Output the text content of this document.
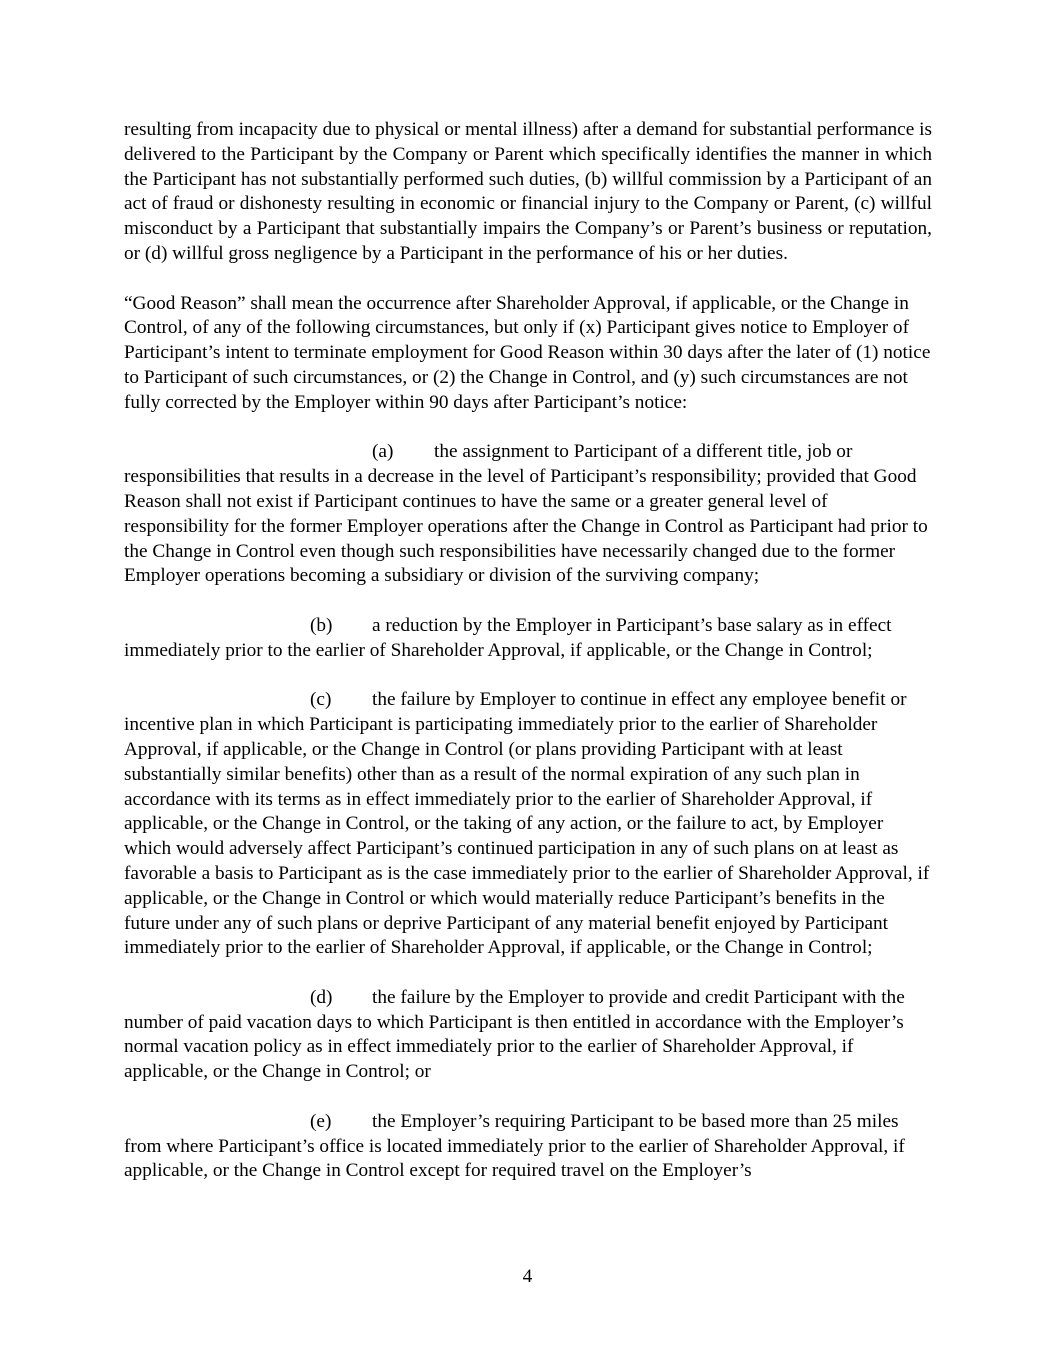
resulting from incapacity due to physical or mental illness) after a demand for substantial performance is delivered to the Participant by the Company or Parent which specifically identifies the manner in which the Participant has not substantially performed such duties, (b) willful commission by a Participant of an act of fraud or dishonesty resulting in economic or financial injury to the Company or Parent, (c) willful misconduct by a Participant that substantially impairs the Company’s or Parent’s business or reputation, or (d) willful gross negligence by a Participant in the performance of his or her duties.

“Good Reason” shall mean the occurrence after Shareholder Approval, if applicable, or the Change in Control, of any of the following circumstances, but only if (x) Participant gives notice to Employer of Participant’s intent to terminate employment for Good Reason within 30 days after the later of (1) notice to Participant of such circumstances, or (2) the Change in Control, and (y) such circumstances are not fully corrected by the Employer within 90 days after Participant’s notice:

(a) the assignment to Participant of a different title, job or responsibilities that results in a decrease in the level of Participant’s responsibility; provided that Good Reason shall not exist if Participant continues to have the same or a greater general level of responsibility for the former Employer operations after the Change in Control as Participant had prior to the Change in Control even though such responsibilities have necessarily changed due to the former Employer operations becoming a subsidiary or division of the surviving company;

(b) a reduction by the Employer in Participant’s base salary as in effect immediately prior to the earlier of Shareholder Approval, if applicable, or the Change in Control;

(c) the failure by Employer to continue in effect any employee benefit or incentive plan in which Participant is participating immediately prior to the earlier of Shareholder Approval, if applicable, or the Change in Control (or plans providing Participant with at least substantially similar benefits) other than as a result of the normal expiration of any such plan in accordance with its terms as in effect immediately prior to the earlier of Shareholder Approval, if applicable, or the Change in Control, or the taking of any action, or the failure to act, by Employer which would adversely affect Participant’s continued participation in any of such plans on at least as favorable a basis to Participant as is the case immediately prior to the earlier of Shareholder Approval, if applicable, or the Change in Control or which would materially reduce Participant’s benefits in the future under any of such plans or deprive Participant of any material benefit enjoyed by Participant immediately prior to the earlier of Shareholder Approval, if applicable, or the Change in Control;

(d) the failure by the Employer to provide and credit Participant with the number of paid vacation days to which Participant is then entitled in accordance with the Employer’s normal vacation policy as in effect immediately prior to the earlier of Shareholder Approval, if applicable, or the Change in Control; or

(e) the Employer’s requiring Participant to be based more than 25 miles from where Participant’s office is located immediately prior to the earlier of Shareholder Approval, if applicable, or the Change in Control except for required travel on the Employer’s

4
